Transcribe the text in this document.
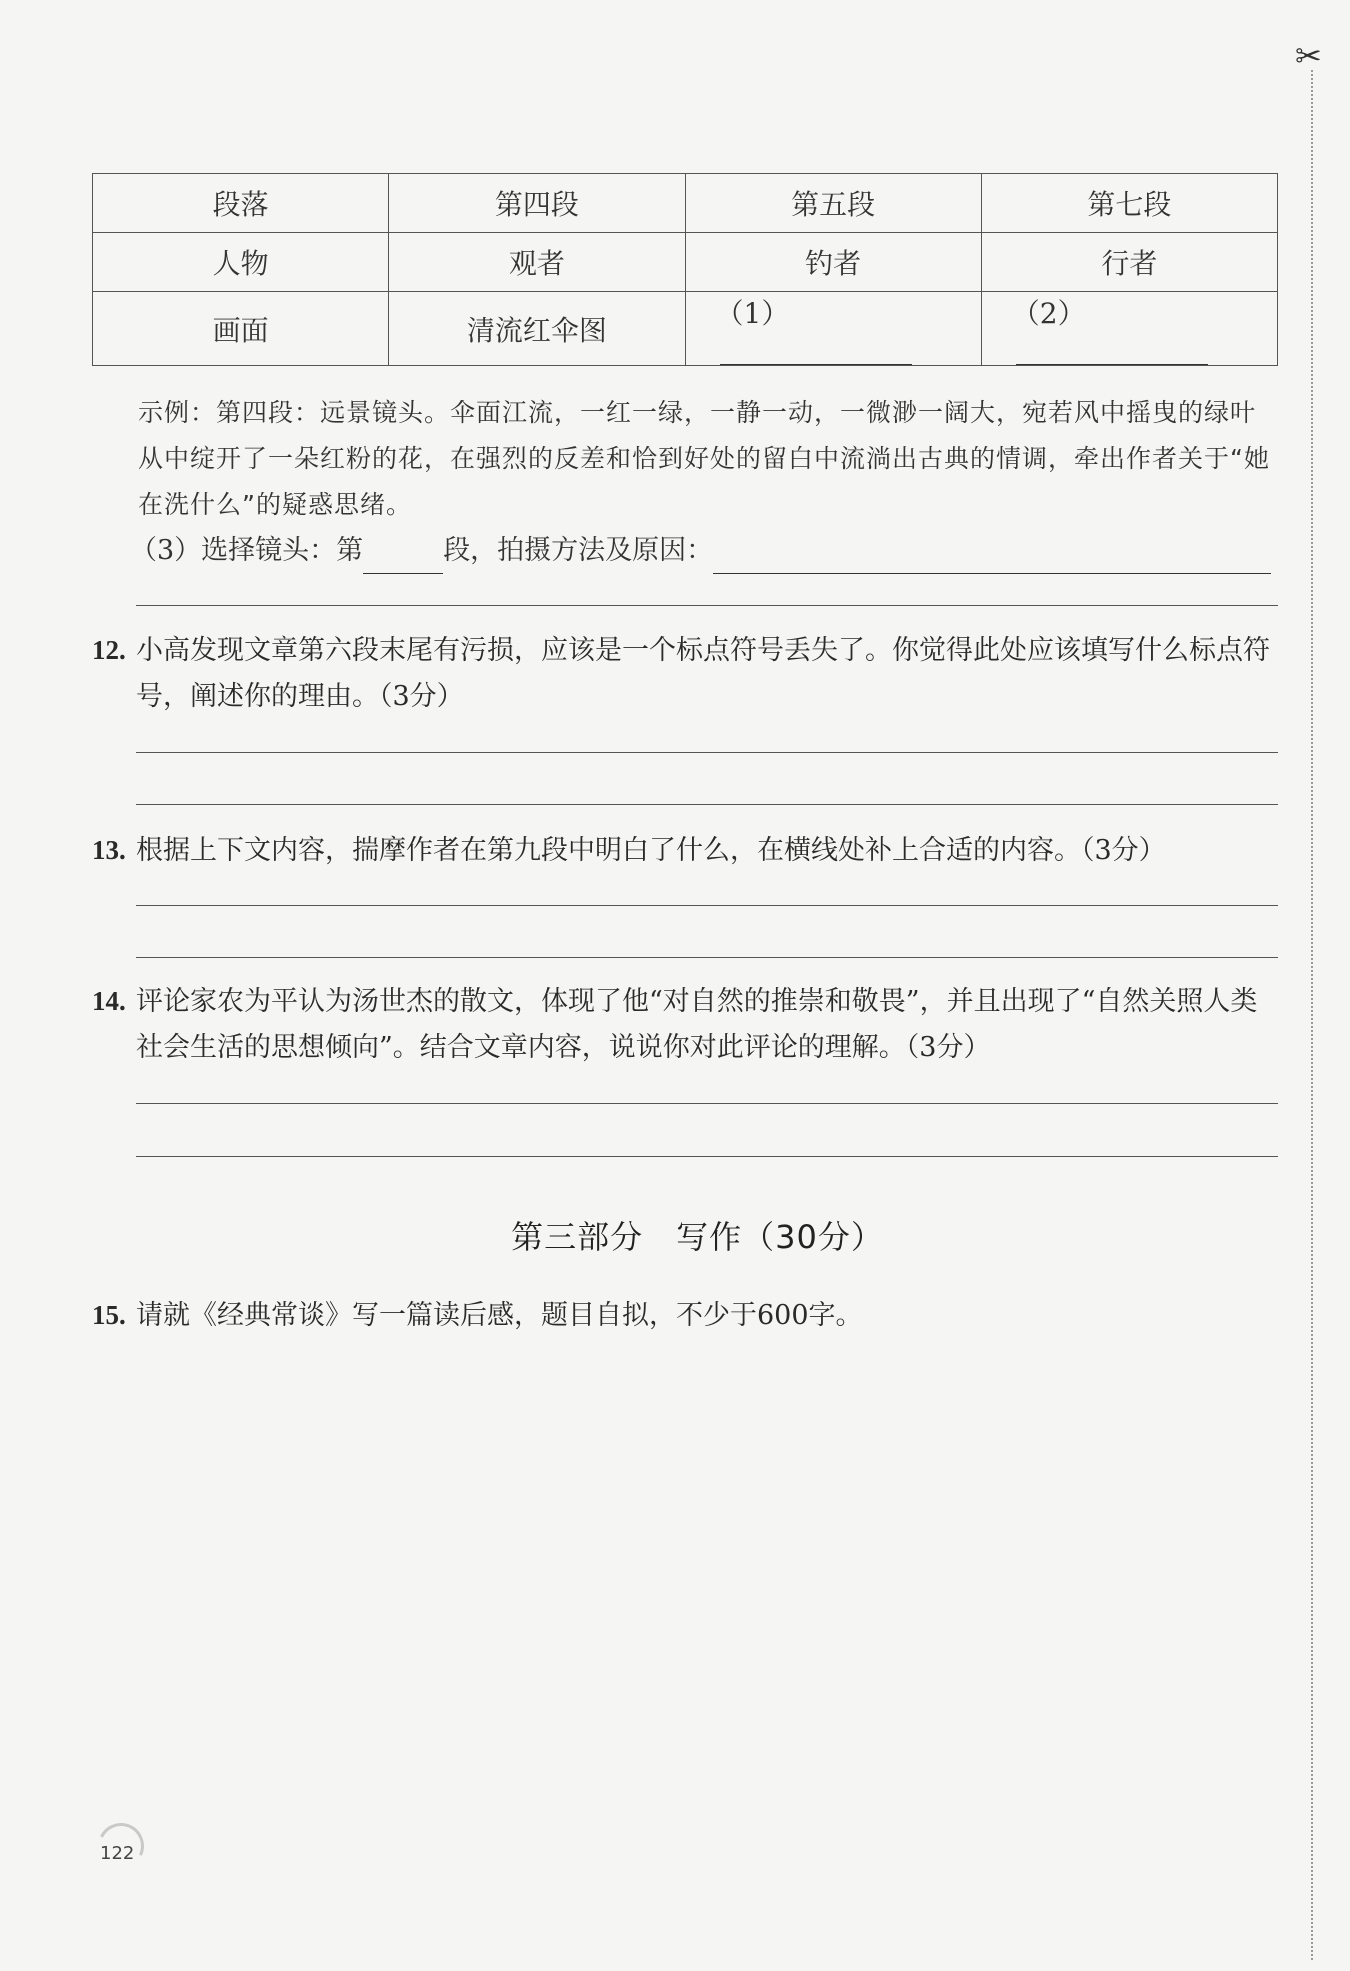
✂
段落	第四段	第五段	第七段
人物	观者	钓者	行者
画面	清流红伞图	（1）	（2）
示例：第四段：远景镜头。伞面江流，一红一绿，一静一动，一微渺一阔大，宛若风中摇曳的绿叶从中绽开了一朵红粉的花，在强烈的反差和恰到好处的留白中流淌出古典的情调，牵出作者关于“她在洗什么”的疑惑思绪。
（3）选择镜头：第	段，拍摄方法及原因：
12. 小高发现文章第六段末尾有污损，应该是一个标点符号丢失了。你觉得此处应该填写什么标点符号，阐述你的理由。（3分）
13. 根据上下文内容，揣摩作者在第九段中明白了什么，在横线处补上合适的内容。（3分）
14. 评论家农为平认为汤世杰的散文，体现了他“对自然的推崇和敬畏”，并且出现了“自然关照人类社会生活的思想倾向”。结合文章内容，说说你对此评论的理解。（3分）
第三部分　写作（30分）
15. 请就《经典常谈》写一篇读后感，题目自拟，不少于600字。
122
